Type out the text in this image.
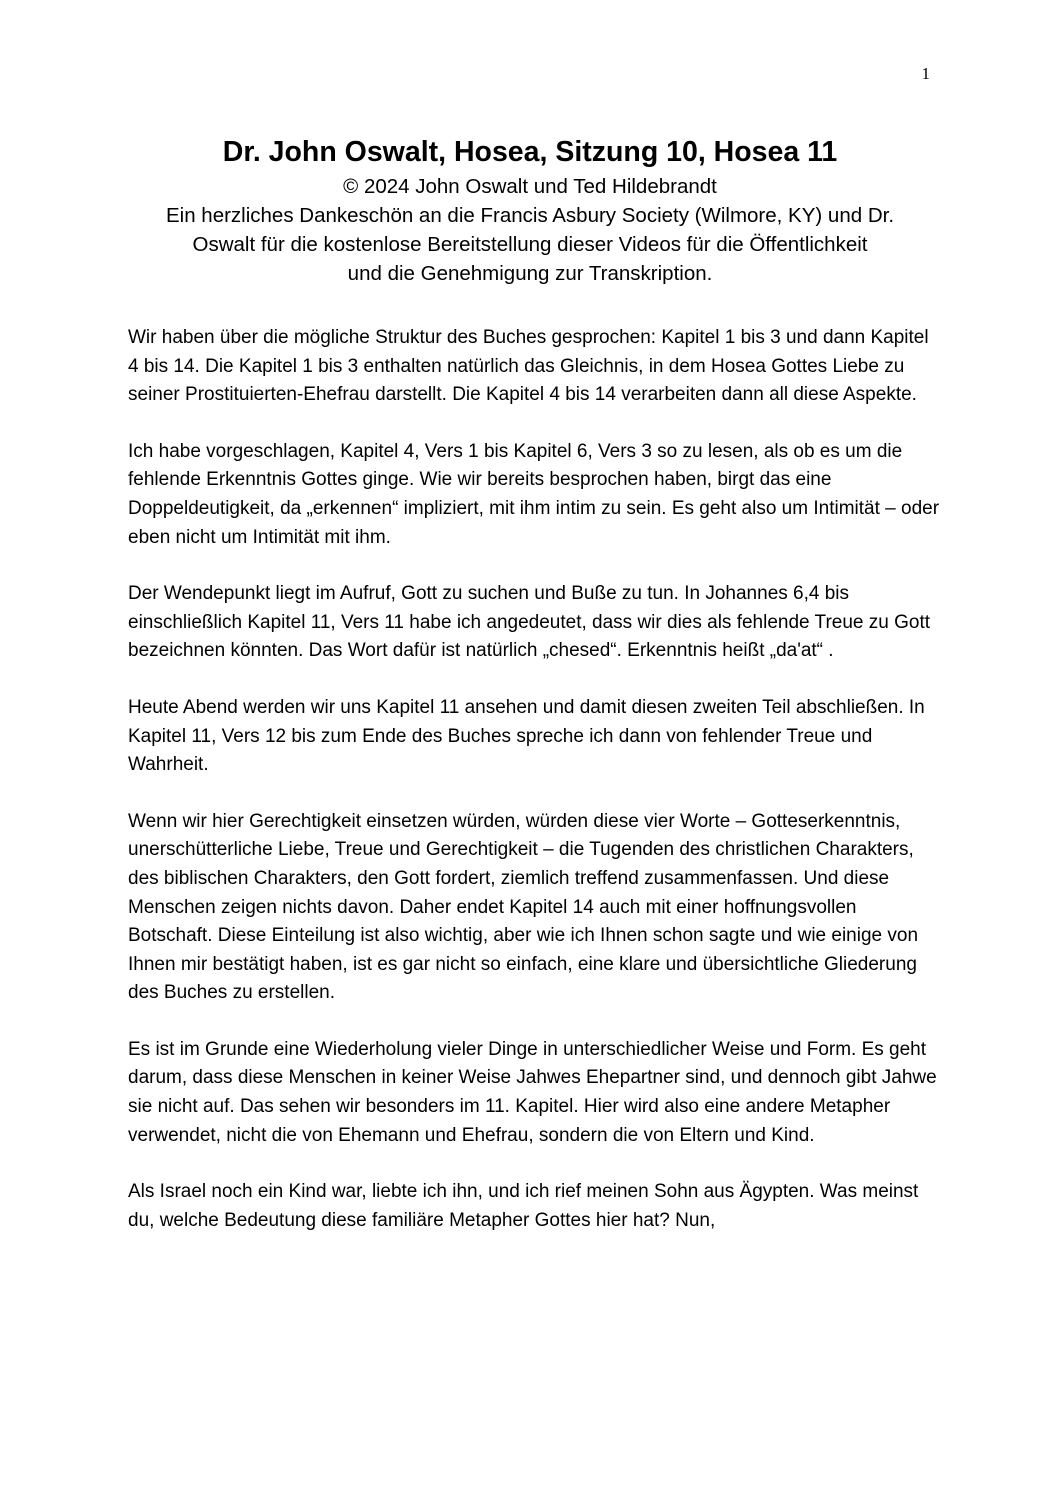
1
Dr. John Oswalt, Hosea, Sitzung 10, Hosea 11

© 2024 John Oswalt und Ted Hildebrandt

Ein herzliches Dankeschön an die Francis Asbury Society (Wilmore, KY) und Dr.

Oswalt für die kostenlose Bereitstellung dieser Videos für die Öffentlichkeit

und die Genehmigung zur Transkription.

Wir haben über die mögliche Struktur des Buches gesprochen: Kapitel 1 bis 3 und dann Kapitel 4 bis 14. Die Kapitel 1 bis 3 enthalten natürlich das Gleichnis, in dem Hosea Gottes Liebe zu seiner Prostituierten-Ehefrau darstellt. Die Kapitel 4 bis 14 verarbeiten dann all diese Aspekte.

Ich habe vorgeschlagen, Kapitel 4, Vers 1 bis Kapitel 6, Vers 3 so zu lesen, als ob es um die fehlende Erkenntnis Gottes ginge. Wie wir bereits besprochen haben, birgt das eine Doppeldeutigkeit, da „erkennen“ impliziert, mit ihm intim zu sein. Es geht also um Intimität – oder eben nicht um Intimität mit ihm.

Der Wendepunkt liegt im Aufruf, Gott zu suchen und Buße zu tun. In Johannes 6,4 bis einschließlich Kapitel 11, Vers 11 habe ich angedeutet, dass wir dies als fehlende Treue zu Gott bezeichnen könnten. Das Wort dafür ist natürlich „chesed“. Erkenntnis heißt „da'at“ .

Heute Abend werden wir uns Kapitel 11 ansehen und damit diesen zweiten Teil abschließen. In Kapitel 11, Vers 12 bis zum Ende des Buches spreche ich dann von fehlender Treue und Wahrheit.

Wenn wir hier Gerechtigkeit einsetzen würden, würden diese vier Worte – Gotteserkenntnis, unerschütterliche Liebe, Treue und Gerechtigkeit – die Tugenden des christlichen Charakters, des biblischen Charakters, den Gott fordert, ziemlich treffend zusammenfassen. Und diese Menschen zeigen nichts davon. Daher endet Kapitel 14 auch mit einer hoffnungsvollen Botschaft. Diese Einteilung ist also wichtig, aber wie ich Ihnen schon sagte und wie einige von Ihnen mir bestätigt haben, ist es gar nicht so einfach, eine klare und übersichtliche Gliederung des Buches zu erstellen.

Es ist im Grunde eine Wiederholung vieler Dinge in unterschiedlicher Weise und Form. Es geht darum, dass diese Menschen in keiner Weise Jahwes Ehepartner sind, und dennoch gibt Jahwe sie nicht auf. Das sehen wir besonders im 11. Kapitel. Hier wird also eine andere Metapher verwendet, nicht die von Ehemann und Ehefrau, sondern die von Eltern und Kind.

Als Israel noch ein Kind war, liebte ich ihn, und ich rief meinen Sohn aus Ägypten. Was meinst du, welche Bedeutung diese familiäre Metapher Gottes hier hat? Nun,
